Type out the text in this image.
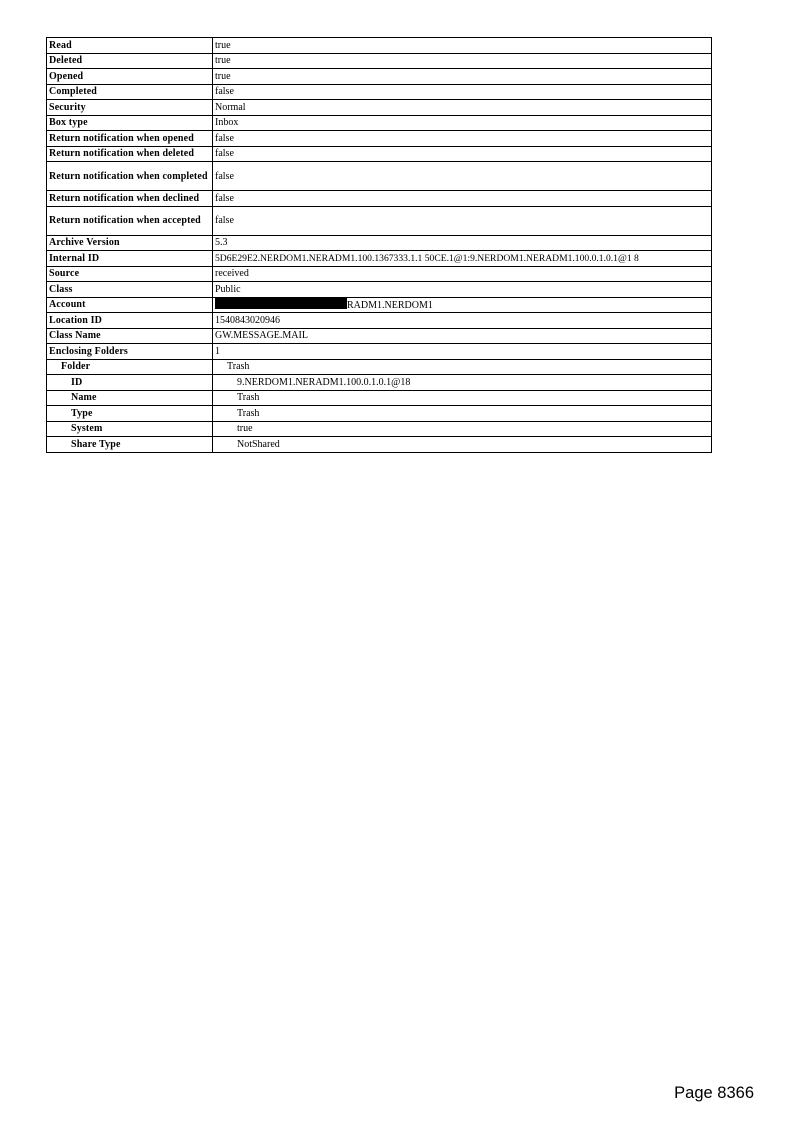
Read	true
Deleted	true
Opened	true
Completed	false
Security	Normal
Box type	Inbox
Return notification when opened	false
Return notification when deleted	false
Return notification when completed	false
Return notification when declined	false
Return notification when accepted	false
Archive Version	5.3
Internal ID	5D6E29E2.NERDOM1.NERADM1.100.1367333.1.1 50CE.1@1:9.NERDOM1.NERADM1.100.0.1.0.1@1 8
Source	received
Class	Public
Account	RADM1.NERDOM1
Location ID	1540843020946
Class Name	GW.MESSAGE.MAIL
Enclosing Folders	1
Folder	Trash
ID	9.NERDOM1.NERADM1.100.0.1.0.1@18
Name	Trash
Type	Trash
System	true
Share Type	NotShared
Page 8366
